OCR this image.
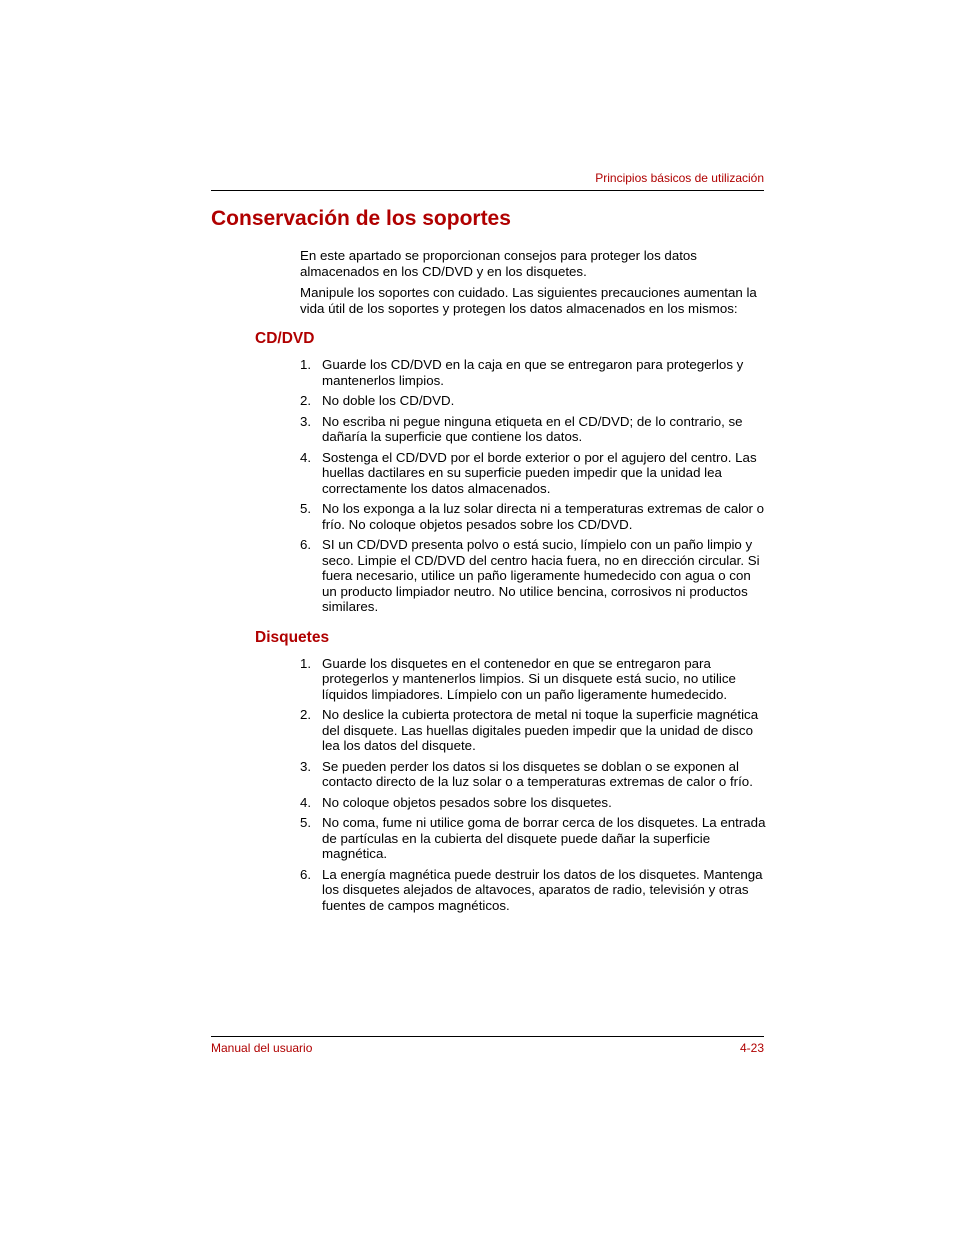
Principios básicos de utilización
Conservación de los soportes

En este apartado se proporcionan consejos para proteger los datos almacenados en los CD/DVD y en los disquetes.

Manipule los soportes con cuidado. Las siguientes precauciones aumentan la vida útil de los soportes y protegen los datos almacenados en los mismos:

CD/DVD
1. Guarde los CD/DVD en la caja en que se entregaron para protegerlos y mantenerlos limpios.
2. No doble los CD/DVD.
3. No escriba ni pegue ninguna etiqueta en el CD/DVD; de lo contrario, se dañaría la superficie que contiene los datos.
4. Sostenga el CD/DVD por el borde exterior o por el agujero del centro. Las huellas dactilares en su superficie pueden impedir que la unidad lea correctamente los datos almacenados.
5. No los exponga a la luz solar directa ni a temperaturas extremas de calor o frío. No coloque objetos pesados sobre los CD/DVD.
6. SI un CD/DVD presenta polvo o está sucio, límpielo con un paño limpio y seco. Limpie el CD/DVD del centro hacia fuera, no en dirección circular. Si fuera necesario, utilice un paño ligeramente humedecido con agua o con un producto limpiador neutro. No utilice bencina, corrosivos ni productos similares.
Disquetes
1. Guarde los disquetes en el contenedor en que se entregaron para protegerlos y mantenerlos limpios. Si un disquete está sucio, no utilice líquidos limpiadores. Límpielo con un paño ligeramente humedecido.
2. No deslice la cubierta protectora de metal ni toque la superficie magnética del disquete. Las huellas digitales pueden impedir que la unidad de disco lea los datos del disquete.
3. Se pueden perder los datos si los disquetes se doblan o se exponen al contacto directo de la luz solar o a temperaturas extremas de calor o frío.
4. No coloque objetos pesados sobre los disquetes.
5. No coma, fume ni utilice goma de borrar cerca de los disquetes. La entrada de partículas en la cubierta del disquete puede dañar la superficie magnética.
6. La energía magnética puede destruir los datos de los disquetes. Mantenga los disquetes alejados de altavoces, aparatos de radio, televisión y otras fuentes de campos magnéticos.
Manual del usuario	4-23
